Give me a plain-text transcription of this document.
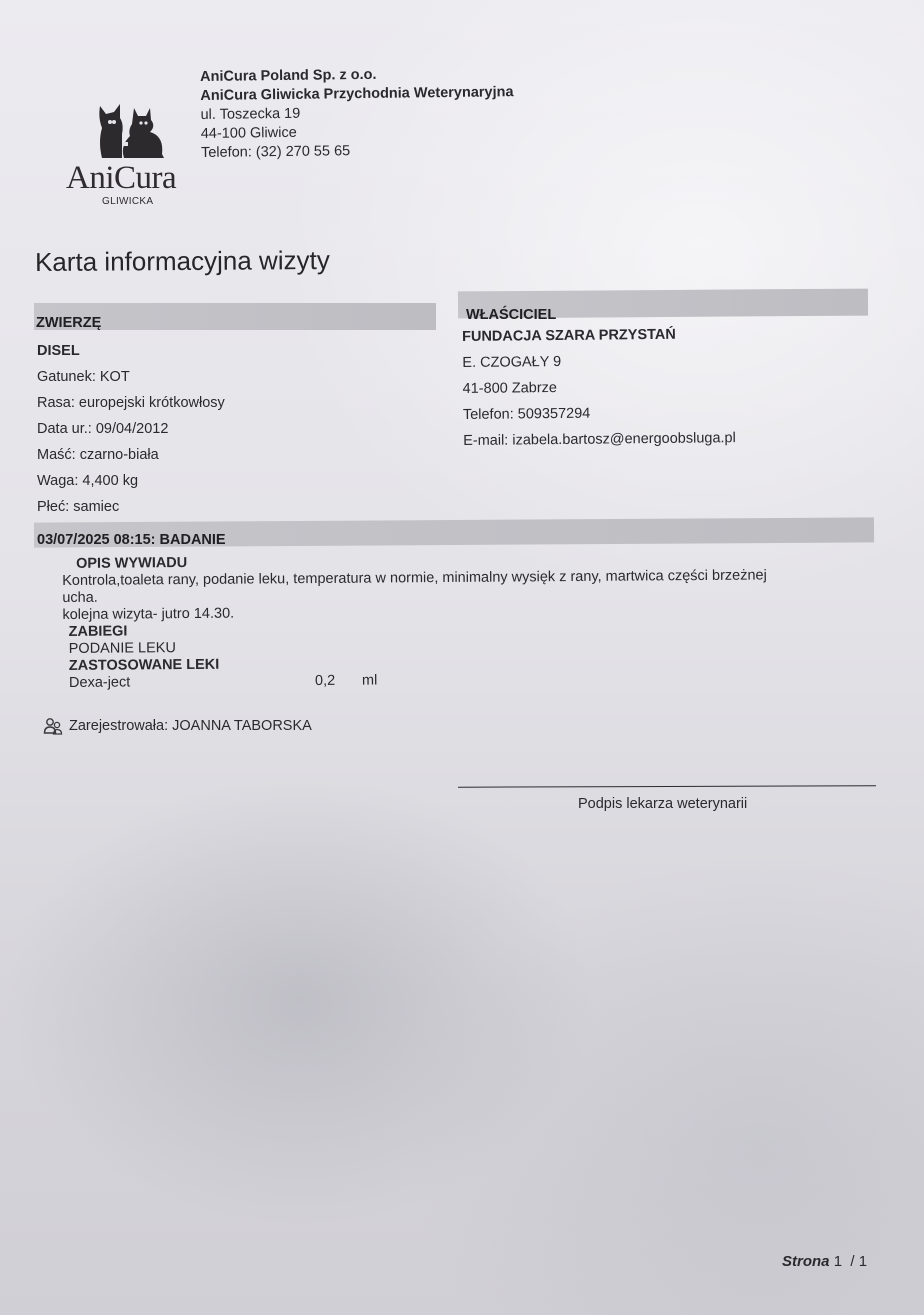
AniCura
GLIWICKA
AniCura Poland Sp. z o.o.
AniCura Gliwicka Przychodnia Weterynaryjna
ul. Toszecka 19
44-100 Gliwice
Telefon: (32) 270 55 65
Karta informacyjna wizyty
ZWIERZĘ
DISEL
Gatunek: KOT
Rasa: europejski krótkowłosy
Data ur.: 09/04/2012
Maść: czarno-biała
Waga: 4,400 kg
Płeć: samiec
WŁAŚCICIEL
FUNDACJA SZARA PRZYSTAŃ
E. CZOGAŁY 9
41-800 Zabrze
Telefon: 509357294
E-mail: izabela.bartosz@energoobsluga.pl
03/07/2025 08:15: BADANIE
OPIS WYWIADU
Kontrola,toaleta rany, podanie leku, temperatura w normie, minimalny wysięk z rany, martwica części brzeżnej
ucha.
kolejna wizyta- jutro 14.30.
ZABIEGI
PODANIE LEKU
ZASTOSOWANE LEKI
Dexa-ject	0,2 ml
Zarejestrowała: JOANNA TABORSKA
Podpis lekarza weterynarii
Strona 1 / 1
